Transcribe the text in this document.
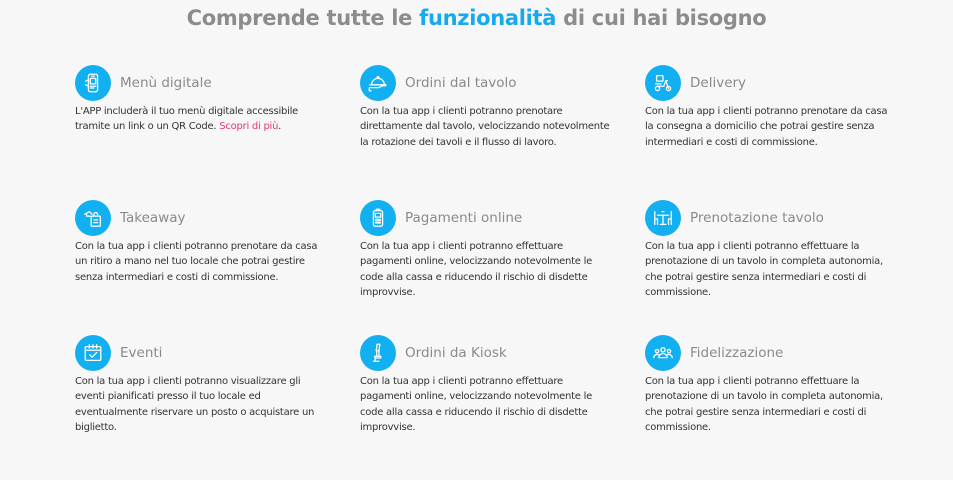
Comprende tutte le funzionalità di cui hai bisogno
Menù digitale

L'APP includerà il tuo menù digitale accessibile tramite un link o un QR Code. Scopri di più.

Ordini dal tavolo

Con la tua app i clienti potranno prenotare direttamente dal tavolo, velocizzando notevolmente la rotazione dei tavoli e il flusso di lavoro.

Delivery

Con la tua app i clienti potranno prenotare da casa la consegna a domicilio che potrai gestire senza intermediari e costi di commissione.

Takeaway

Con la tua app i clienti potranno prenotare da casa un ritiro a mano nel tuo locale che potrai gestire senza intermediari e costi di commissione.

Pagamenti online

Con la tua app i clienti potranno effettuare pagamenti online, velocizzando notevolmente le code alla cassa e riducendo il rischio di disdette improvvise.

Prenotazione tavolo

Con la tua app i clienti potranno effettuare la prenotazione di un tavolo in completa autonomia, che potrai gestire senza intermediari e costi di commissione.

Eventi

Con la tua app i clienti potranno visualizzare gli eventi pianificati presso il tuo locale ed eventualmente riservare un posto o acquistare un biglietto.

Ordini da Kiosk

Con la tua app i clienti potranno effettuare pagamenti online, velocizzando notevolmente le code alla cassa e riducendo il rischio di disdette improvvise.

Fidelizzazione

Con la tua app i clienti potranno effettuare la prenotazione di un tavolo in completa autonomia, che potrai gestire senza intermediari e costi di commissione.
